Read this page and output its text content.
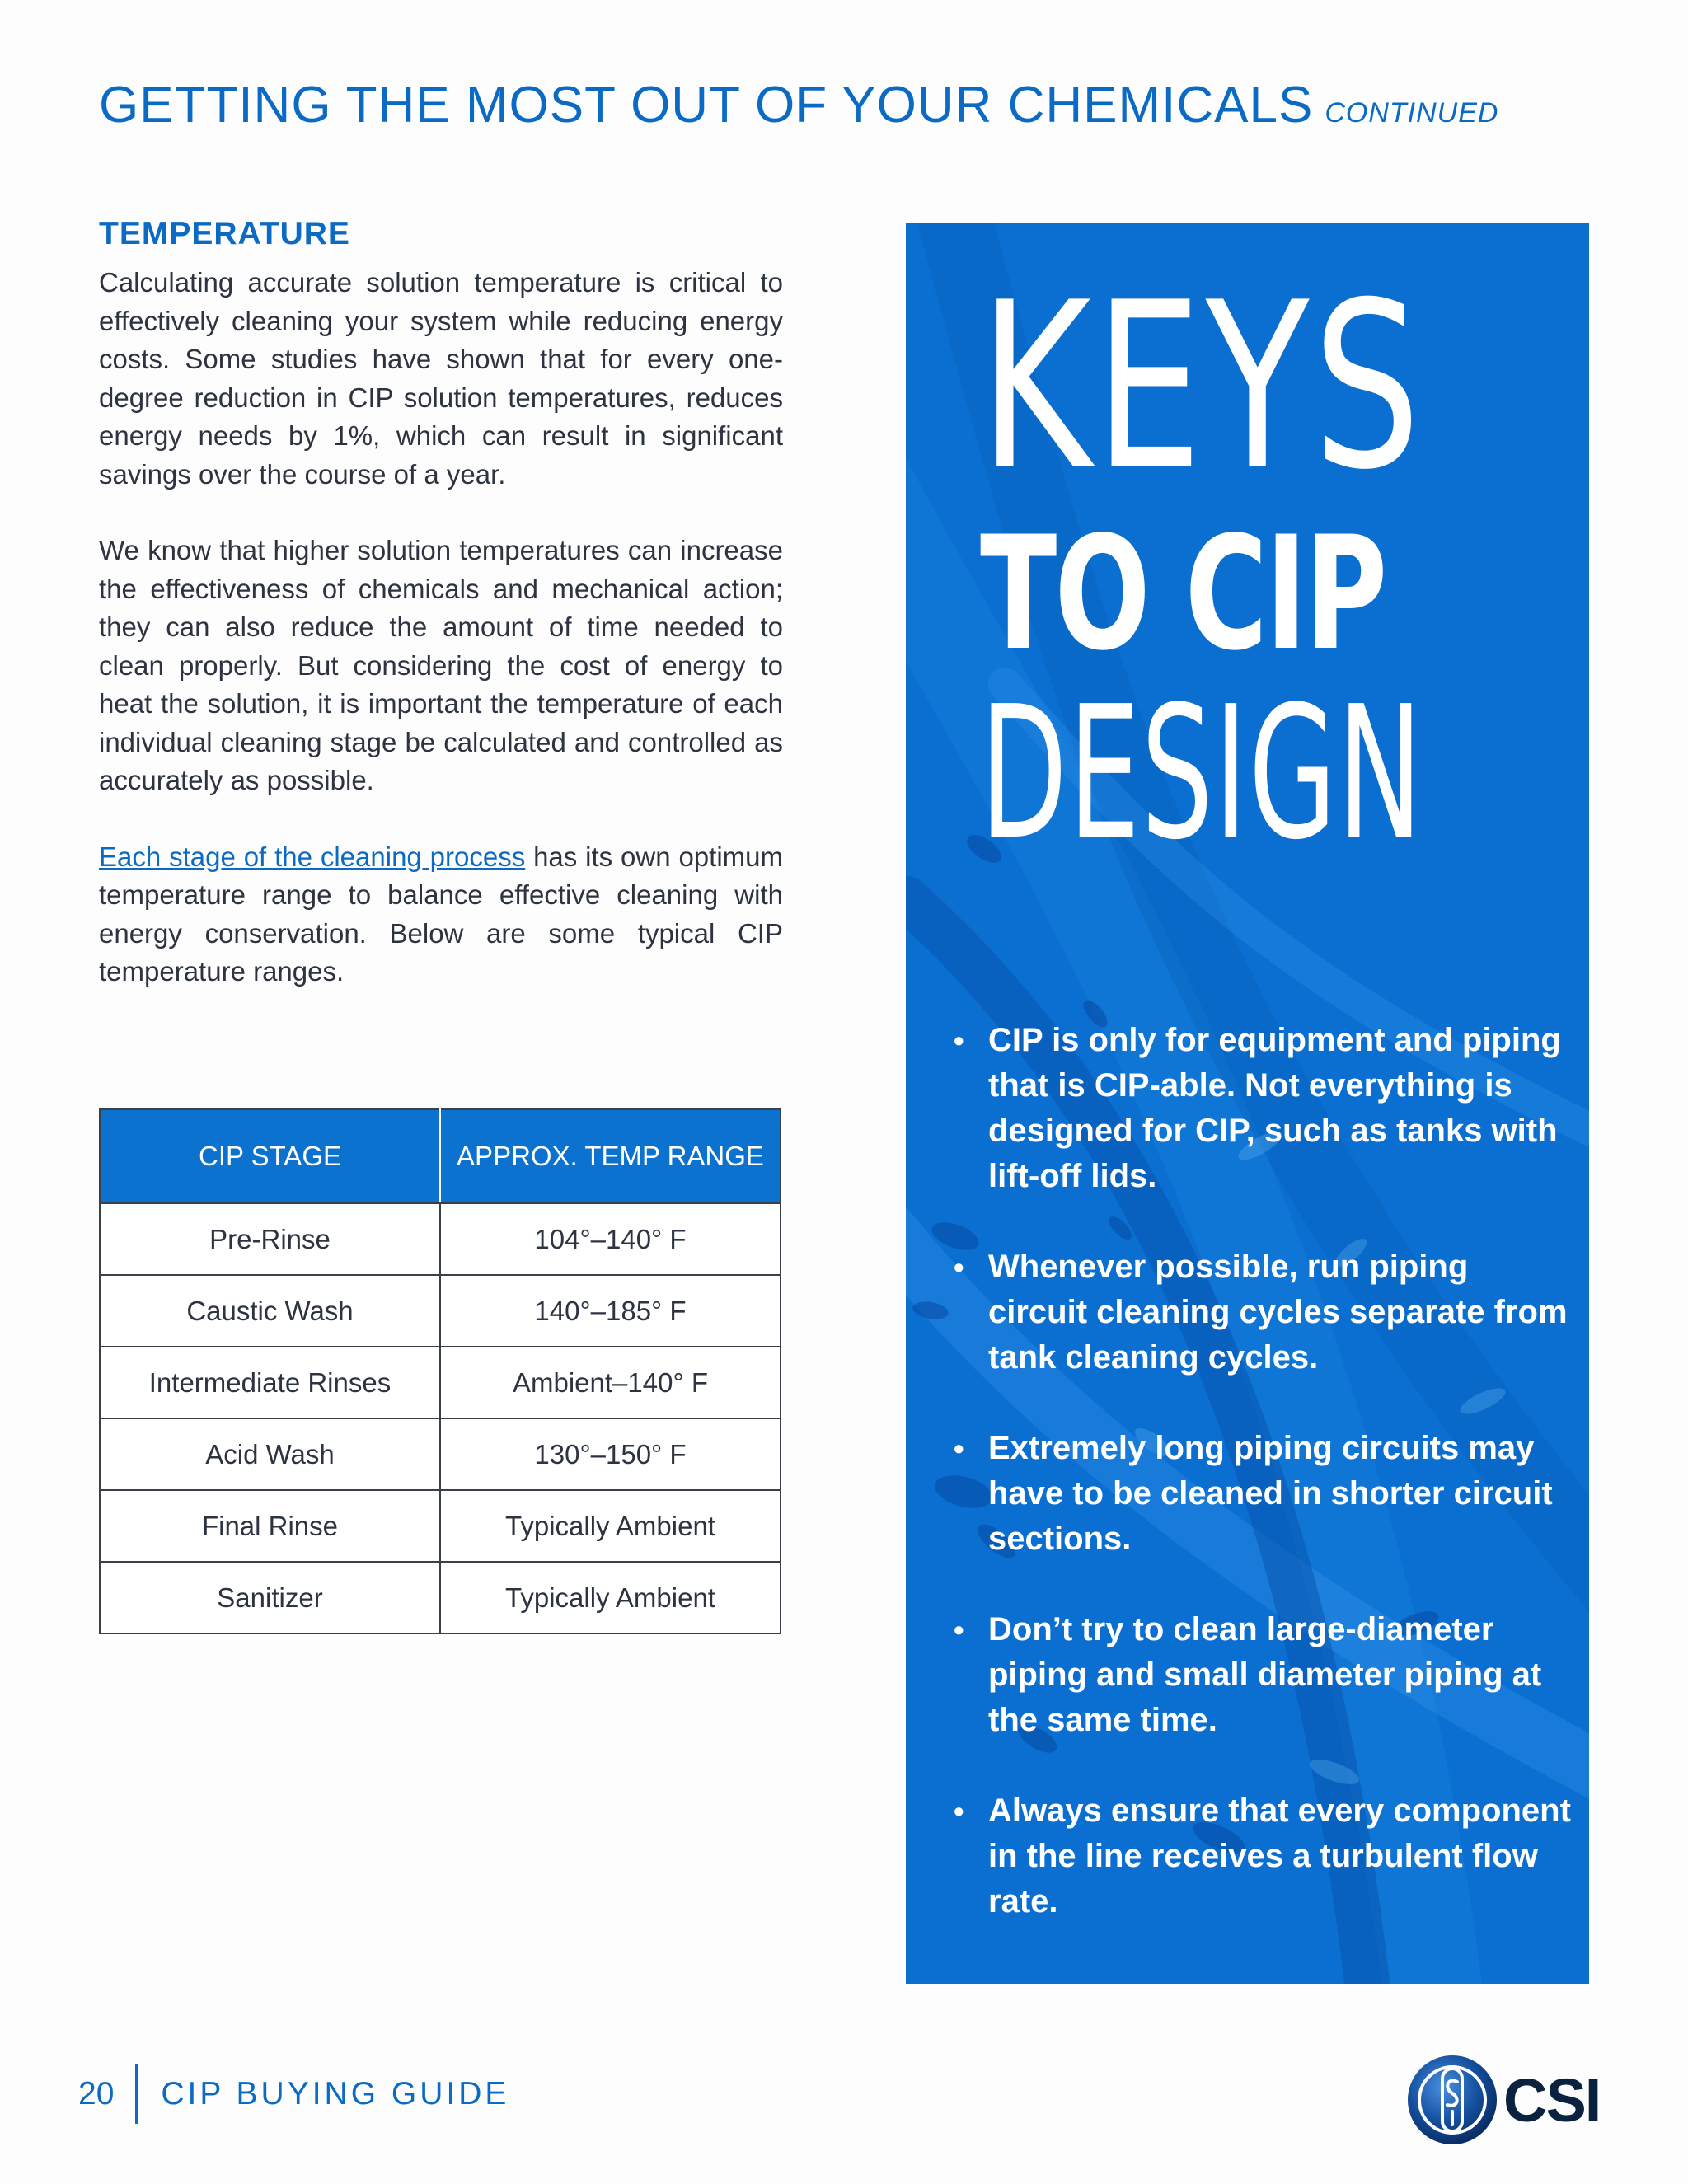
GETTING THE MOST OUT OF YOUR CHEMICALS CONTINUED
TEMPERATURE

Calculating accurate solution temperature is critical to effectively cleaning your system while reducing energy costs. Some studies have shown that for every one-degree reduction in CIP solution temperatures, reduces energy needs by 1%, which can result in significant savings over the course of a year.

We know that higher solution temperatures can increase the effectiveness of chemicals and mechanical action; they can also reduce the amount of time needed to clean properly. But considering the cost of energy to heat the solution, it is important the temperature of each individual cleaning stage be calculated and controlled as accurately as possible.

Each stage of the cleaning process has its own optimum temperature range to balance effective cleaning with energy conservation. Below are some typical CIP temperature ranges.

CIP STAGE	APPROX. TEMP RANGE
Pre-Rinse	104°–140° F
Caustic Wash	140°–185° F
Intermediate Rinses	Ambient–140° F
Acid Wash	130°–150° F
Final Rinse	Typically Ambient
Sanitizer	Typically Ambient
KEYS
TO CIP
DESIGN
• CIP is only for equipment and piping that is CIP-able. Not everything is designed for CIP, such as tanks with lift-off lids.
• Whenever possible, run piping circuit cleaning cycles separate from tank cleaning cycles.
• Extremely long piping circuits may have to be cleaned in shorter circuit sections.
• Don’t try to clean large-diameter piping and small diameter piping at the same time.
• Always ensure that every component in the line receives a turbulent flow rate.
20 CIP BUYING GUIDE	CSI
